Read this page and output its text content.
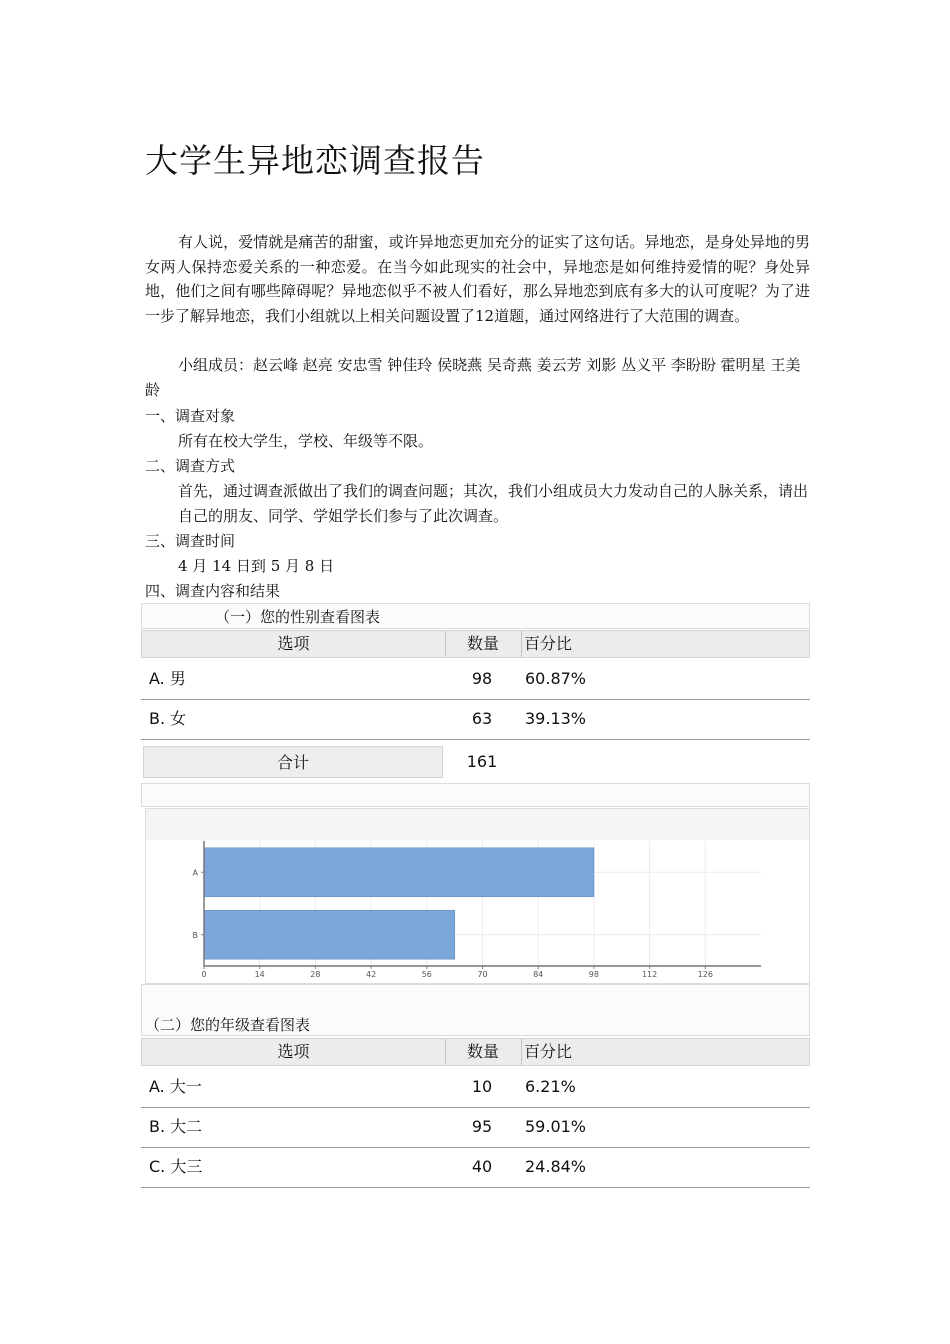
大学生异地恋调查报告

有人说，爱情就是痛苦的甜蜜，或许异地恋更加充分的证实了这句话。异地恋，是身处异地的男女两人保持恋爱关系的一种恋爱。在当今如此现实的社会中，异地恋是如何维持爱情的呢？身处异地，他们之间有哪些障碍呢？异地恋似乎不被人们看好，那么异地恋到底有多大的认可度呢？为了进一步了解异地恋，我们小组就以上相关问题设置了12道题，通过网络进行了大范围的调查。

小组成员：赵云峰 赵亮 安忠雪 钟佳玲 侯晓燕 吴奇燕 姜云芳 刘影 丛义平 李盼盼 霍明星 王美龄

一、调查对象
所有在校大学生，学校、年级等不限。
二、调查方式
首先，通过调查派做出了我们的调查问题；其次，我们小组成员大力发动自己的人脉关系，请出自己的朋友、同学、学姐学长们参与了此次调查。
三、调查时间
4 月 14 日到 5 月 8 日
四、调查内容和结果
（一）您的性别查看图表
选项	数量	百分比
A. 男	98	60.87%
B. 女	63	39.13%
合计	161
0	14	28	42	56	70	84	98	112	126
A
B
（二）您的年级查看图表
选项	数量	百分比
A. 大一	10	6.21%
B. 大二	95	59.01%
C. 大三	40	24.84%
